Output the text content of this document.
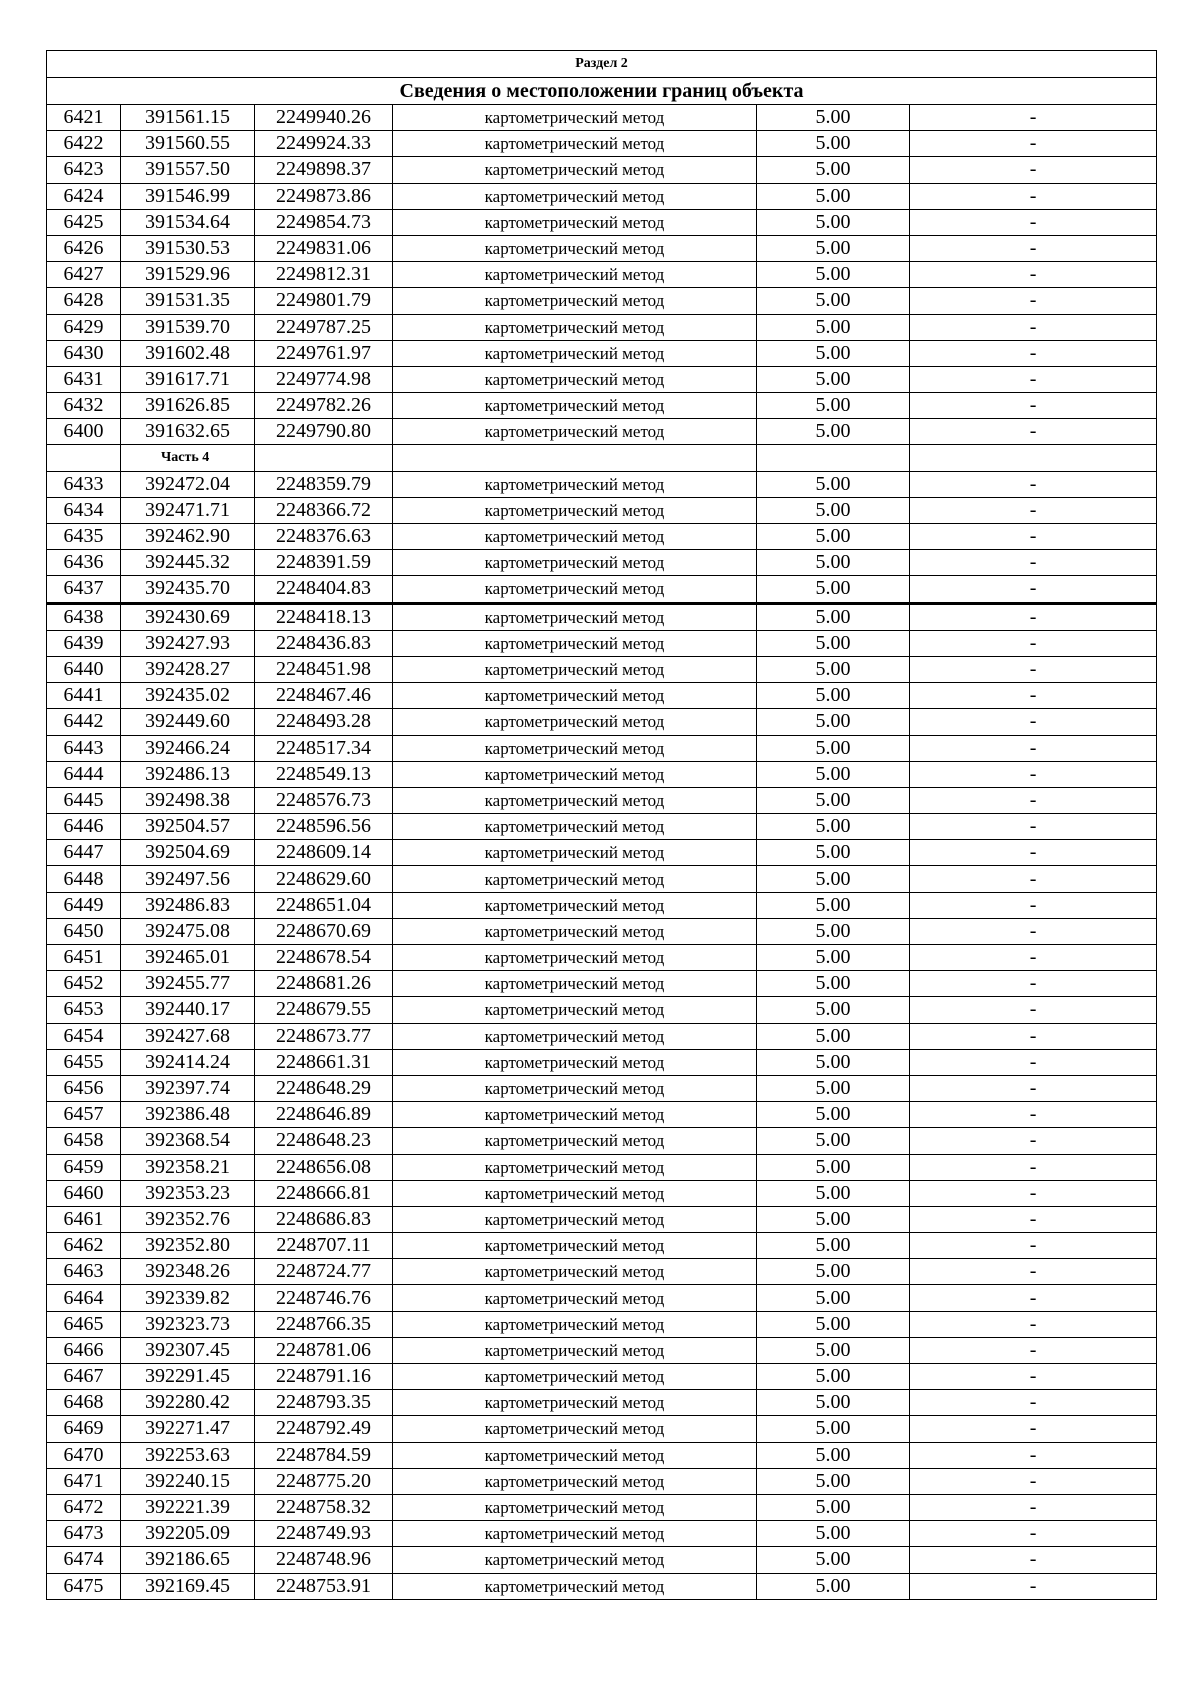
Раздел 2					
Сведения о местоположении границ объекта					
6421	391561.15	2249940.26	картометрический метод	5.00	-
6422	391560.55	2249924.33	картометрический метод	5.00	-
6423	391557.50	2249898.37	картометрический метод	5.00	-
6424	391546.99	2249873.86	картометрический метод	5.00	-
6425	391534.64	2249854.73	картометрический метод	5.00	-
6426	391530.53	2249831.06	картометрический метод	5.00	-
6427	391529.96	2249812.31	картометрический метод	5.00	-
6428	391531.35	2249801.79	картометрический метод	5.00	-
6429	391539.70	2249787.25	картометрический метод	5.00	-
6430	391602.48	2249761.97	картометрический метод	5.00	-
6431	391617.71	2249774.98	картометрический метод	5.00	-
6432	391626.85	2249782.26	картометрический метод	5.00	-
6400	391632.65	2249790.80	картометрический метод	5.00	-
	Часть 4				
6433	392472.04	2248359.79	картометрический метод	5.00	-
6434	392471.71	2248366.72	картометрический метод	5.00	-
6435	392462.90	2248376.63	картометрический метод	5.00	-
6436	392445.32	2248391.59	картометрический метод	5.00	-
6437	392435.70	2248404.83	картометрический метод	5.00	-
6438	392430.69	2248418.13	картометрический метод	5.00	-
6439	392427.93	2248436.83	картометрический метод	5.00	-
6440	392428.27	2248451.98	картометрический метод	5.00	-
6441	392435.02	2248467.46	картометрический метод	5.00	-
6442	392449.60	2248493.28	картометрический метод	5.00	-
6443	392466.24	2248517.34	картометрический метод	5.00	-
6444	392486.13	2248549.13	картометрический метод	5.00	-
6445	392498.38	2248576.73	картометрический метод	5.00	-
6446	392504.57	2248596.56	картометрический метод	5.00	-
6447	392504.69	2248609.14	картометрический метод	5.00	-
6448	392497.56	2248629.60	картометрический метод	5.00	-
6449	392486.83	2248651.04	картометрический метод	5.00	-
6450	392475.08	2248670.69	картометрический метод	5.00	-
6451	392465.01	2248678.54	картометрический метод	5.00	-
6452	392455.77	2248681.26	картометрический метод	5.00	-
6453	392440.17	2248679.55	картометрический метод	5.00	-
6454	392427.68	2248673.77	картометрический метод	5.00	-
6455	392414.24	2248661.31	картометрический метод	5.00	-
6456	392397.74	2248648.29	картометрический метод	5.00	-
6457	392386.48	2248646.89	картометрический метод	5.00	-
6458	392368.54	2248648.23	картометрический метод	5.00	-
6459	392358.21	2248656.08	картометрический метод	5.00	-
6460	392353.23	2248666.81	картометрический метод	5.00	-
6461	392352.76	2248686.83	картометрический метод	5.00	-
6462	392352.80	2248707.11	картометрический метод	5.00	-
6463	392348.26	2248724.77	картометрический метод	5.00	-
6464	392339.82	2248746.76	картометрический метод	5.00	-
6465	392323.73	2248766.35	картометрический метод	5.00	-
6466	392307.45	2248781.06	картометрический метод	5.00	-
6467	392291.45	2248791.16	картометрический метод	5.00	-
6468	392280.42	2248793.35	картометрический метод	5.00	-
6469	392271.47	2248792.49	картометрический метод	5.00	-
6470	392253.63	2248784.59	картометрический метод	5.00	-
6471	392240.15	2248775.20	картометрический метод	5.00	-
6472	392221.39	2248758.32	картометрический метод	5.00	-
6473	392205.09	2248749.93	картометрический метод	5.00	-
6474	392186.65	2248748.96	картометрический метод	5.00	-
6475	392169.45	2248753.91	картометрический метод	5.00	-
